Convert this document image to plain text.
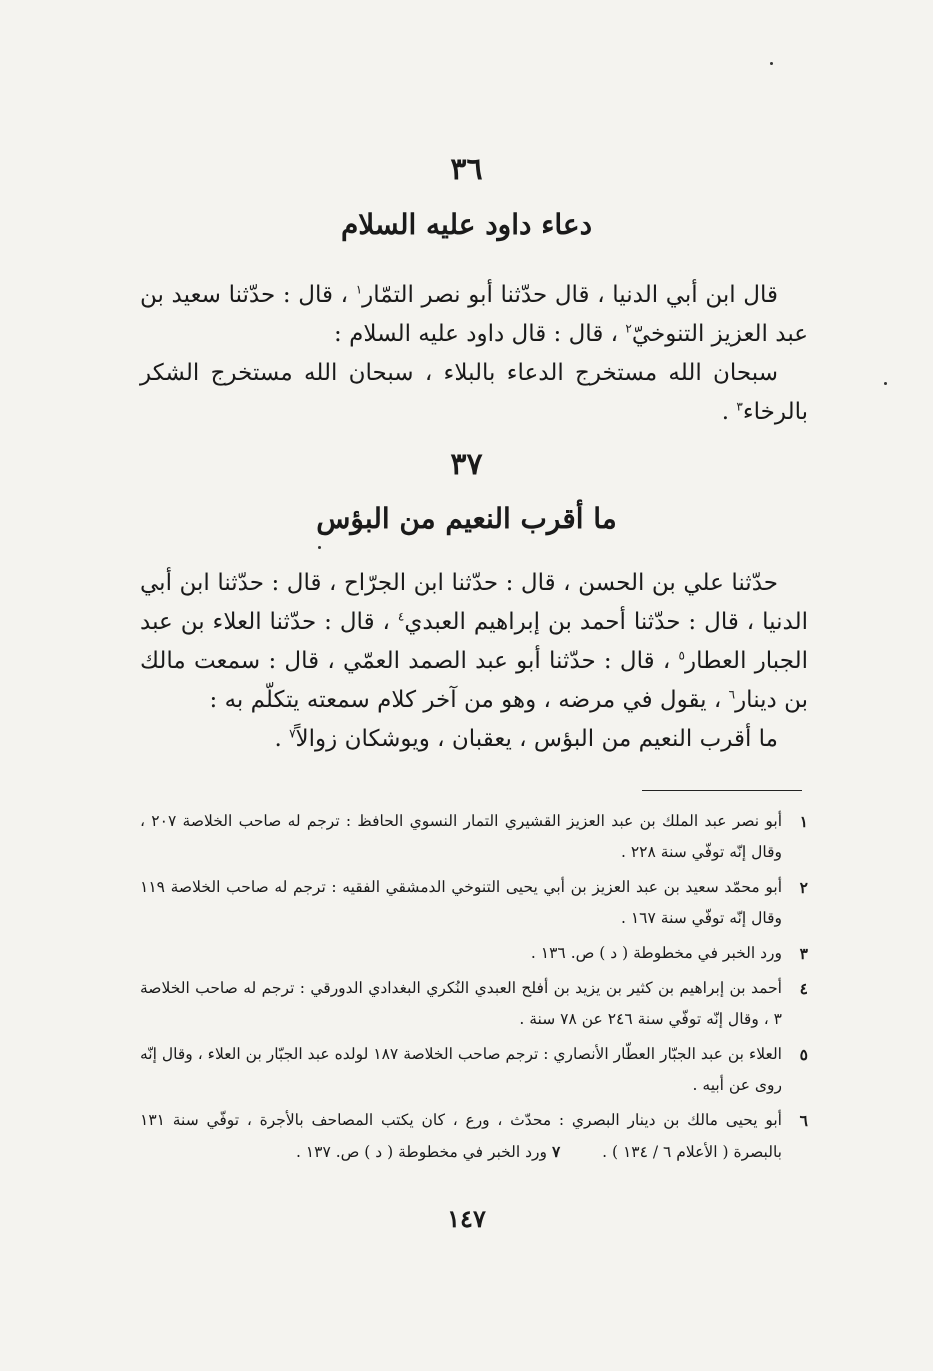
٣٦
دعاء داود عليه السلام

قال ابن أبي الدنيا ، قال حدّثنا أبو نصر التمّار$^١$ ، قال : حدّثنا سعيد بن عبد العزيز التنوخيّ$^٢$ ، قال : قال داود عليه السلام :

سبحان الله مستخرج الدعاء بالبلاء ، سبحان الله مستخرج الشكر بالرخاء$^٣$ .

٣٧
ما أقرب النعيم من البؤس

حدّثنا علي بن الحسن ، قال : حدّثنا ابن الجرّاح ، قال : حدّثنا ابن أبي الدنيا ، قال : حدّثنا أحمد بن إبراهيم العبدي$^٤$ ، قال : حدّثنا العلاء بن عبد الجبار العطار$^٥$ ، قال : حدّثنا أبو عبد الصمد العمّي ، قال : سمعت مالك بن دينار$^٦$ ، يقول في مرضه ، وهو من آخر كلام سمعته يتكلّم به :

ما أقرب النعيم من البؤس ، يعقبان ، ويوشكان زوالاً$^٧$ .

١
أبو نصر عبد الملك بن عبد العزيز القشيري التمار النسوي الحافظ : ترجم له صاحب الخلاصة ٢٠٧ ، وقال إنّه توفّي سنة ٢٢٨ .
٢
أبو محمّد سعيد بن عبد العزيز بن أبي يحيى التنوخي الدمشقي الفقيه : ترجم له صاحب الخلاصة ١١٩ وقال إنّه توفّي سنة ١٦٧ .
٣
ورد الخبر في مخطوطة ( د ) ص. ١٣٦ .
٤
أحمد بن إبراهيم بن كثير بن يزيد بن أفلح العبدي النُكري البغدادي الدورقي : ترجم له صاحب الخلاصة ٣ ، وقال إنّه توفّي سنة ٢٤٦ عن ٧٨ سنة .
٥
العلاء بن عبد الجبّار العطّار الأنصاري : ترجم صاحب الخلاصة ١٨٧ لولده عبد الجبّار بن العلاء ، وقال إنّه روى عن أبيه .
٦
أبو يحيى مالك بن دينار البصري : محدّث ، ورع ، كان يكتب المصاحف بالأجرة ، توفّي سنة ١٣١ بالبصرة ( الأعلام ٦ / ١٣٤ ) .  ٧ ورد الخبر في مخطوطة ( د ) ص. ١٣٧ .
١٤٧
